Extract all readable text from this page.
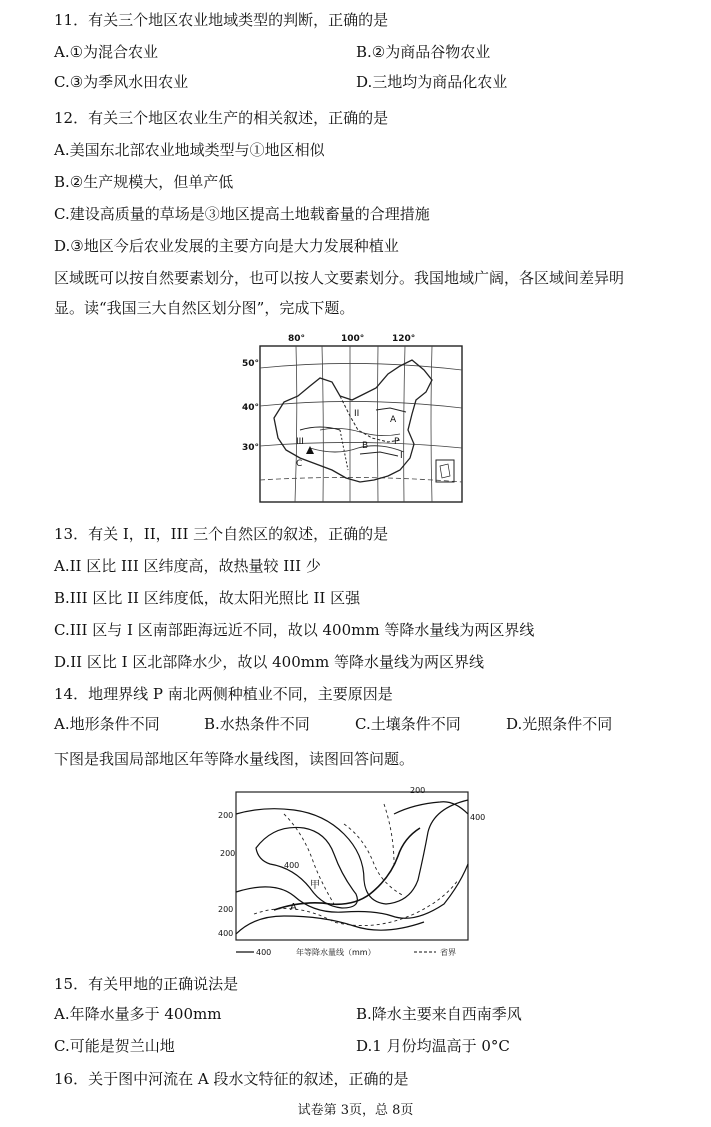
11．有关三个地区农业地域类型的判断，正确的是
A.①为混合农业	B.②为商品谷物农业
C.③为季风水田农业	D.三地均为商品化农业
12．有关三个地区农业生产的相关叙述，正确的是
A.美国东北部农业地域类型与①地区相似
B.②生产规模大，但单产低
C.建设高质量的草场是③地区提高土地载畜量的合理措施
D.③地区今后农业发展的主要方向是大力发展种植业
区域既可以按自然要素划分，也可以按人文要素划分。我国地域广阔，各区域间差异明
显。读“我国三大自然区划分图”，完成下题。
80°	100°	120°
50°
40°
30°
I
II
III
A
B
C
P
13．有关 I，II，III 三个自然区的叙述，正确的是
A.II 区比 III 区纬度高，故热量较 III 少
B.III 区比 II 区纬度低，故太阳光照比 II 区强
C.III 区与 I 区南部距海远近不同，故以 400mm 等降水量线为两区界线
D.II 区比 I 区北部降水少，故以 400mm 等降水量线为两区界线
14．地理界线 P 南北两侧种植业不同，主要原因是
A.地形条件不同	B.水热条件不同	C.土壤条件不同	D.光照条件不同
下图是我国局部地区年等降水量线图，读图回答问题。
200
200	400
200
400
400
200
甲
A
400	年等降水量线（mm）	省界
15．有关甲地的正确说法是
A.年降水量多于 400mm	B.降水主要来自西南季风
C.可能是贺兰山地	D.1 月份均温高于 0°C
16．关于图中河流在 A 段水文特征的叙述，正确的是
试卷第 3页，总 8页
